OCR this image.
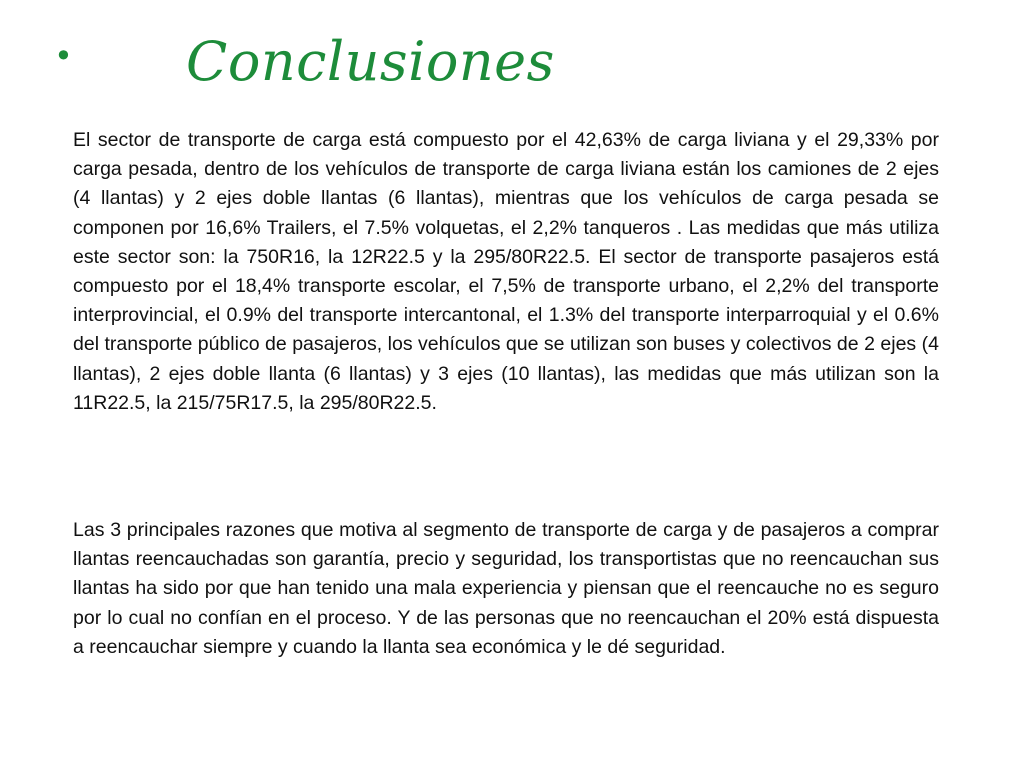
• Conclusiones

El sector de transporte de carga está compuesto por el 42,63% de carga liviana y el 29,33% por carga pesada, dentro de los vehículos de transporte de carga liviana están los camiones de 2 ejes (4 llantas) y 2 ejes doble llantas (6 llantas), mientras que los vehículos de carga pesada se componen por 16,6% Trailers, el 7.5% volquetas, el 2,2% tanqueros . Las medidas que más utiliza este sector son: la 750R16, la 12R22.5 y la 295/80R22.5. El sector de transporte pasajeros está compuesto por el 18,4% transporte escolar, el 7,5% de transporte urbano, el 2,2% del transporte interprovincial, el 0.9% del transporte intercantonal, el 1.3% del transporte interparroquial y el 0.6% del transporte público de pasajeros, los vehículos que se utilizan son buses y colectivos de 2 ejes (4 llantas), 2 ejes doble llanta (6 llantas) y 3 ejes (10 llantas), las medidas que más utilizan son la 11R22.5, la 215/75R17.5, la 295/80R22.5.

Las 3 principales razones que motiva al segmento de transporte de carga y de pasajeros a comprar llantas reencauchadas son garantía, precio y seguridad, los transportistas que no reencauchan sus llantas ha sido por que han tenido una mala experiencia y piensan que el reencauche no es seguro por lo cual no confían en el proceso. Y de las personas que no reencauchan el 20% está dispuesta a reencauchar siempre y cuando la llanta sea económica y le dé seguridad.
